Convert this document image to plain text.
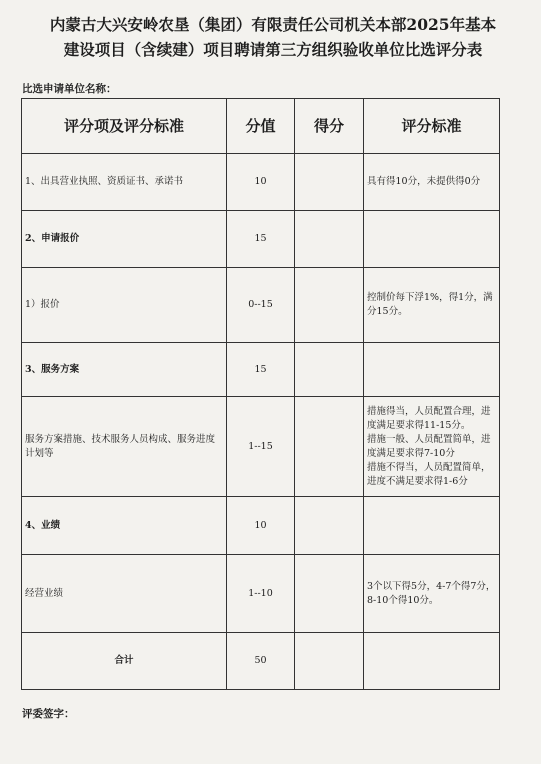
内蒙古大兴安岭农垦（集团）有限责任公司机关本部2025年基本
建设项目（含续建）项目聘请第三方组织验收单位比选评分表
比选申请单位名称：
评分项及评分标准	分值	得分	评分标准
1、出具营业执照、资质证书、承诺书	10		具有得10分，未提供得0分

2、申请报价	15		
1）报价	0--15		控制价每下浮1%，得1分，满分15分。

3、服务方案	15		
服务方案措施、技术服务人员构成、服务进度计划等	1--15		措施得当，人员配置合理，进度满足要求得11-15分。
措施一般、人员配置简单，进度满足要求得7-10分
措施不得当，人员配置简单，进度不满足要求得1-6分

4、业绩	10		
经营业绩	1--10		3个以下得5分，4-7个得7分，8-10个得10分。

合计	50		
评委签字：
